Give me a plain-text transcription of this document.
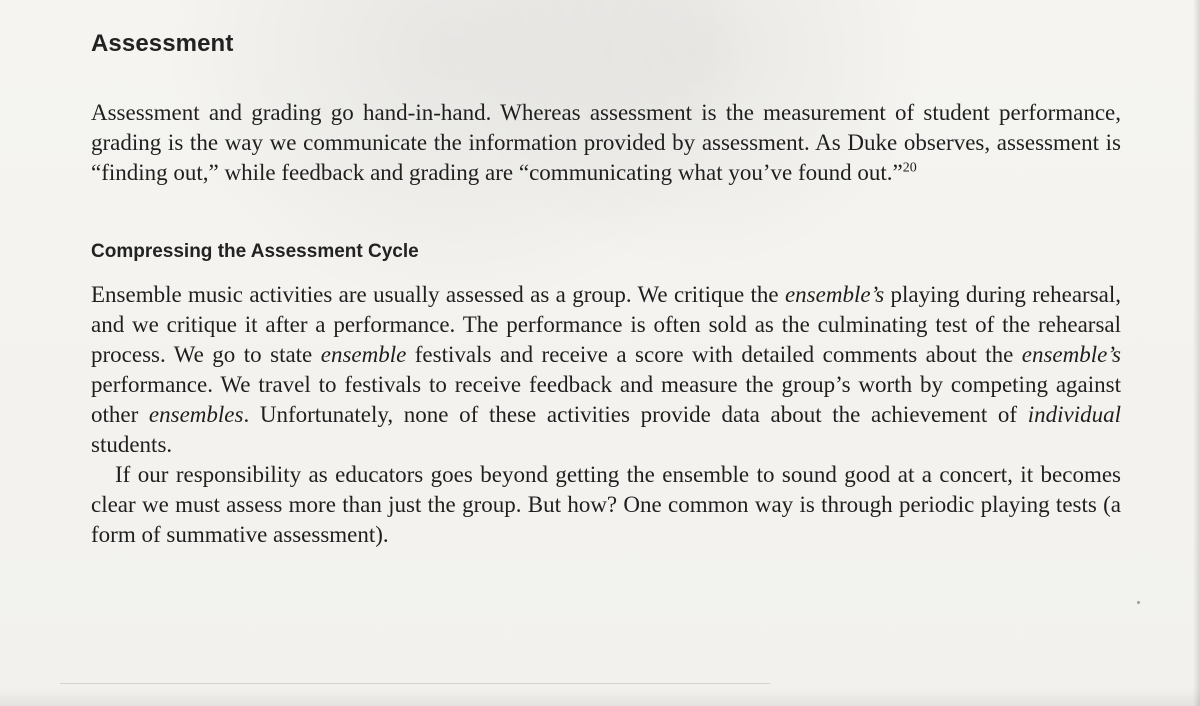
Assessment

Assessment and grading go hand-in-hand. Whereas assessment is the measurement of student performance, grading is the way we communicate the information provided by assessment. As Duke observes, assessment is “finding out,” while feedback and grading are “communicating what you’ve found out.”$^{20}$

Compressing the Assessment Cycle

Ensemble music activities are usually assessed as a group. We critique the ensemble’s playing during rehearsal, and we critique it after a performance. The performance is often sold as the culminating test of the rehearsal process. We go to state ensemble festivals and receive a score with detailed comments about the ensemble’s performance. We travel to festivals to receive feedback and measure the group’s worth by competing against other ensembles. Unfortunately, none of these activities provide data about the achievement of individual students.

If our responsibility as educators goes beyond getting the ensemble to sound good at a concert, it becomes clear we must assess more than just the group. But how? One common way is through periodic playing tests (a form of summative assessment).
